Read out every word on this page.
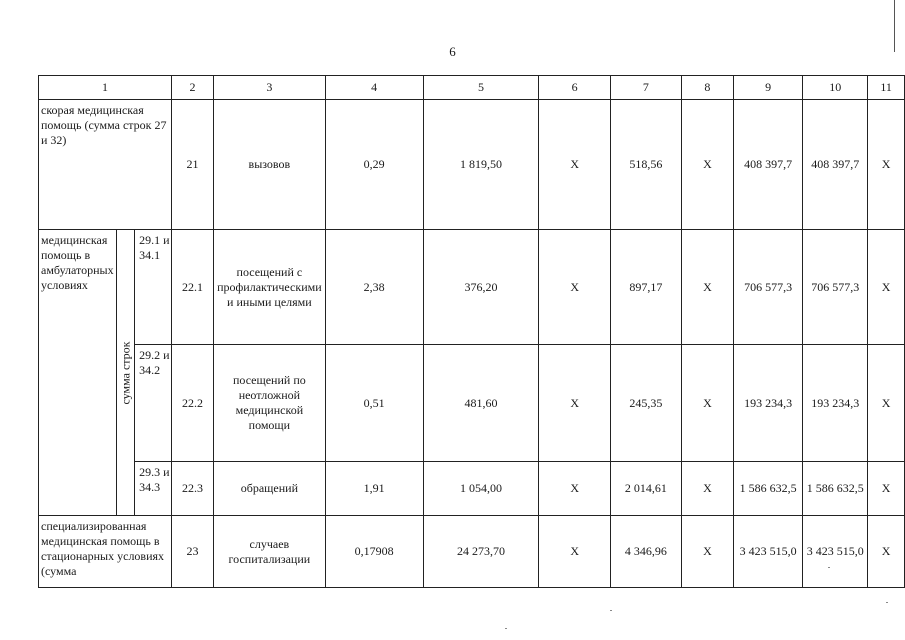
6
1			2	3	4	5	6	7	8	9	10	11
скорая медицинская помощь (сумма строк 27 и 32)			21	вызовов	0,29	1 819,50	X	518,56	X	408 397,7	408 397,7	X
медицинская помощь в амбулаторных условиях	сумма строк	29.1 и 34.1	22.1	посещений с профилактическими и иными целями	2,38	376,20	X	897,17	X	706 577,3	706 577,3	X
		29.2 и 34.2	22.2	посещений по неотложной медицинской помощи	0,51	481,60	X	245,35	X	193 234,3	193 234,3	X
		29.3 и 34.3	22.3	обращений	1,91	1 054,00	X	2 014,61	X	1 586 632,5	1 586 632,5	X
специализированная медицинская помощь в стационарных условиях (сумма			23	случаев госпитализации	0,17908	24 273,70	X	4 346,96	X	3 423 515,0	3 423 515,0	X
